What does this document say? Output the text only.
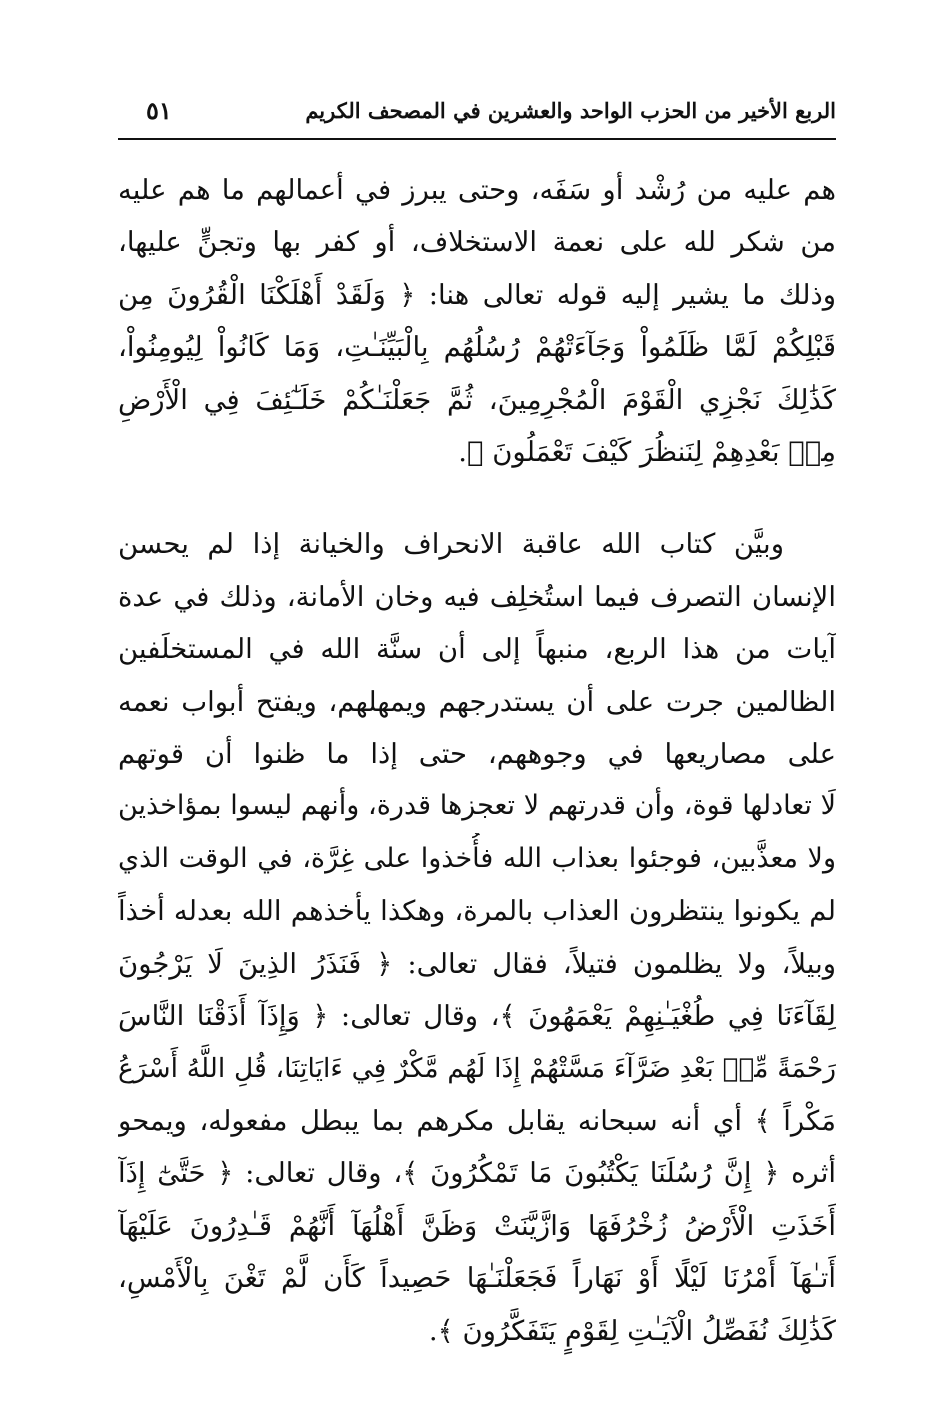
الربع الأخير من الحزب الواحد والعشرين في المصحف الكريم
٥١
هم عليه من رُشْد أو سَفَه، وحتى يبرز في أعمالهم ما هم عليه
من شكر لله على نعمة الاستخلاف، أو كفر بها وتجنٍّ عليها،
وذلك ما يشير إليه قوله تعالى هنا: ﴿ وَلَقَدْ أَهْلَكْنَا الْقُرُونَ مِن
قَبْلِكُمْ لَمَّا ظَلَمُواْ وَجَآءَتْهُمْ رُسُلُهُم بِالْبَيِّنَـٰتِ، وَمَا كَانُواْ لِيُومِنُواْ،
كَذَٰلِكَ نَجْزِي الْقَوْمَ الْمُجْرِمِينَ، ثُمَّ جَعَلْنَـٰكُمْ خَلَـٰٓئِفَ فِي الْأَرْضِ
مِنۢ بَعْدِهِمْ لِنَنظُرَ كَيْفَ تَعْمَلُونَ ﴾.
وبيَّن كتاب الله عاقبة الانحراف والخيانة إذا لم يحسن
الإنسان التصرف فيما استُخلِف فيه وخان الأمانة، وذلك في عدة
آيات من هذا الربع، منبهاً إلى أن سنَّة الله في المستخلَفين
الظالمين جرت على أن يستدرجهم ويمهلهم، ويفتح أبواب نعمه
على مصاريعها في وجوههم، حتى إذا ما ظنوا أن قوتهم
لَا تعادلها قوة، وأن قدرتهم لا تعجزها قدرة، وأنهم ليسوا بمؤاخذين
ولا معذَّبين، فوجئوا بعذاب الله فأُخذوا على غِرَّة، في الوقت الذي
لم يكونوا ينتظرون العذاب بالمرة، وهكذا يأخذهم الله بعدله أخذاً
وبيلاً، ولا يظلمون فتيلاً، فقال تعالى: ﴿ فَنَذَرُ الذِينَ لَا يَرْجُونَ
لِقَآءَنَا فِي طُغْيَـٰنِهِمْ يَعْمَهُونَ ﴾، وقال تعالى: ﴿ وَإِذَآ أَذَقْنَا النَّاسَ
رَحْمَةً مِّنۢ بَعْدِ ضَرَّآءَ مَسَّتْهُمْ إِذَا لَهُم مَّكْرٌ فِي ءَايَاتِنَا، قُلِ اللَّهُ أَسْرَعُ
مَكْراً ﴾ أي أنه سبحانه يقابل مكرهم بما يبطل مفعوله، ويمحو
أثره ﴿ إِنَّ رُسُلَنَا يَكْتُبُونَ مَا تَمْكُرُونَ ﴾، وقال تعالى: ﴿ حَتَّىٰٓ إِذَآ
أَخَذَتِ الْأَرْضُ زُخْرُفَهَا وَازَّيَّنَتْ وَظَنَّ أَهْلُهَآ أَنَّهُمْ قَـٰدِرُونَ عَلَيْهَآ
أَتـٰهَآ أَمْرُنَا لَيْلًا أَوْ نَهَاراً فَجَعَلْنَـٰهَا حَصِيداً كَأَن لَّمْ تَغْنَ بِالْأَمْسِ،
كَذَٰلِكَ نُفَصِّلُ الْآيَـٰتِ لِقَوْمٍ يَتَفَكَّرُونَ ﴾.
